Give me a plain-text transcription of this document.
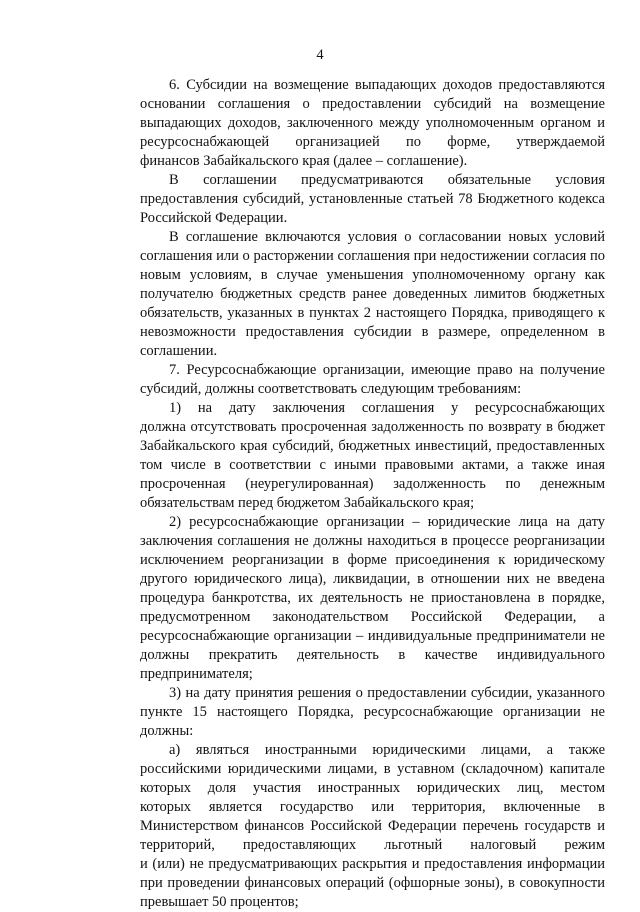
4
6. Субсидии на возмещение выпадающих доходов предоставляются
основании соглашения о предоставлении субсидий на возмещение
выпадающих доходов, заключенного между уполномоченным органом и
ресурсоснабжающей организацией по форме, утверждаемой
финансов Забайкальского края (далее – соглашение).
В соглашении предусматриваются обязательные условия
предоставления субсидий, установленные статьей 78 Бюджетного кодекса
Российской Федерации.
В соглашение включаются условия о согласовании новых условий
соглашения или о расторжении соглашения при недостижении согласия по
новым условиям, в случае уменьшения уполномоченному органу как
получателю бюджетных средств ранее доведенных лимитов бюджетных
обязательств, указанных в пунктах 2 настоящего Порядка, приводящего к
невозможности предоставления субсидии в размере, определенном в
соглашении.
7. Ресурсоснабжающие организации, имеющие право на получение
субсидий, должны соответствовать следующим требованиям:
1) на дату заключения соглашения у ресурсоснабжающих
должна отсутствовать просроченная задолженность по возврату в бюджет
Забайкальского края субсидий, бюджетных инвестиций, предоставленных
том числе в соответствии с иными правовыми актами, а также иная
просроченная (неурегулированная) задолженность по денежным
обязательствам перед бюджетом Забайкальского края;
2) ресурсоснабжающие организации – юридические лица на дату
заключения соглашения не должны находиться в процессе реорганизации
исключением реорганизации в форме присоединения к юридическому
другого юридического лица), ликвидации, в отношении них не введена
процедура банкротства, их деятельность не приостановлена в порядке,
предусмотренном законодательством Российской Федерации, а
ресурсоснабжающие организации – индивидуальные предприниматели не
должны прекратить деятельность в качестве индивидуального
предпринимателя;
3) на дату принятия решения о предоставлении субсидии, указанного
пункте 15 настоящего Порядка, ресурсоснабжающие организации не
должны:
а) являться иностранными юридическими лицами, а также
российскими юридическими лицами, в уставном (складочном) капитале
которых доля участия иностранных юридических лиц, местом
которых является государство или территория, включенные в
Министерством финансов Российской Федерации перечень государств и
территорий, предоставляющих льготный налоговый режим
и (или) не предусматривающих раскрытия и предоставления информации
при проведении финансовых операций (офшорные зоны), в совокупности
превышает 50 процентов;
